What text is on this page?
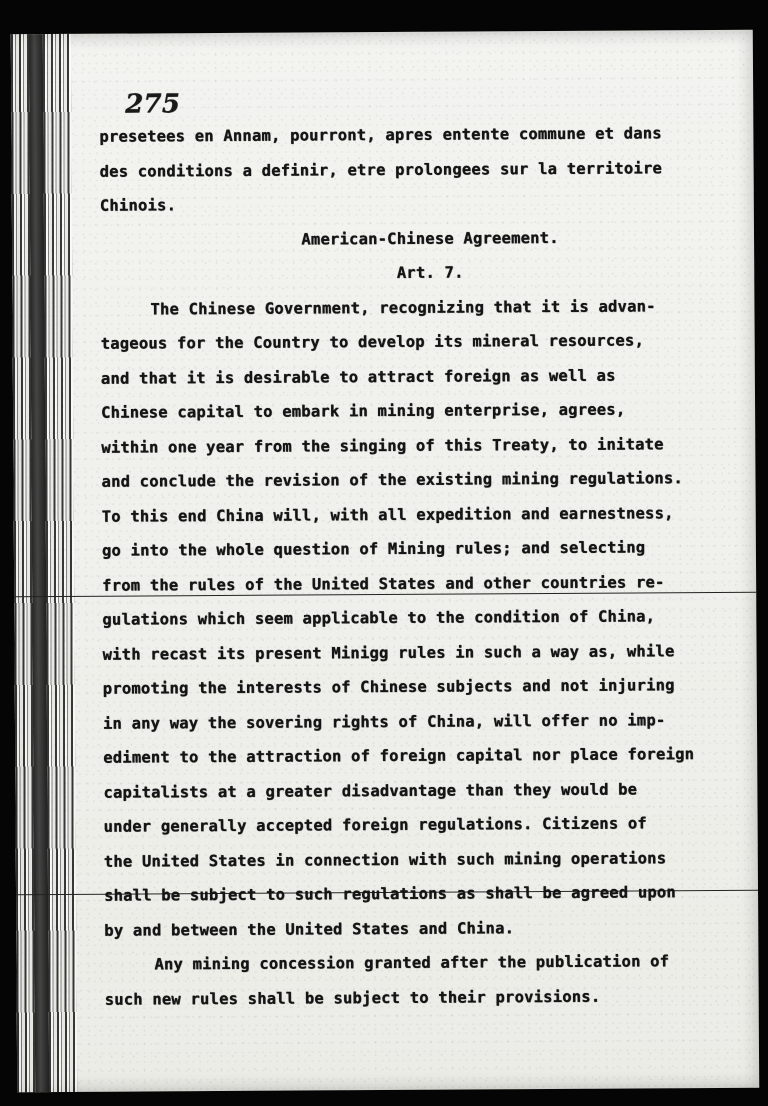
275
presetees en Annam, pourront, apres entente commune et dans
des conditions a definir, etre prolongees sur la territoire
Chinois.
American-Chinese Agreement.
Art. 7.
The Chinese Government, recognizing that it is advan-
tageous for the Country to develop its mineral resources,
and that it is desirable to attract foreign as well as
Chinese capital to embark in mining enterprise, agrees,
within one year from the singing of this Treaty, to initate
and conclude the revision of the existing mining regulations.
To this end China will, with all expedition and earnestness,
go into the whole question of Mining rules; and selecting
from the rules of the United States and other countries re-
gulations which seem applicable to the condition of China,
with recast its present Minigg rules in such a way as, while
promoting the interests of Chinese subjects and not injuring
in any way the sovering rights of China, will offer no imp-
ediment to the attraction of foreign capital nor place foreign
capitalists at a greater disadvantage than they would be
under generally accepted foreign regulations. Citizens of
the United States in connection with such mining operations
shall be subject to such regulations as shall be agreed upon
by and between the United States and China.
Any mining concession granted after the publication of
such new rules shall be subject to their provisions.
